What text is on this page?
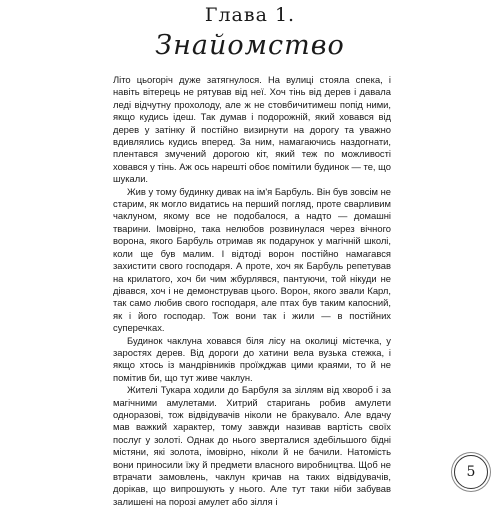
Глава 1.
Знайомство

Літо цьогоріч дуже затягнулося. На вулиці стояла спека, і навіть вітерець не рятував від неї. Хоч тінь від дерев і давала леді відчутну прохолоду, але ж не стовбичитимеш попід ними, якщо кудись ідеш. Так думав і подорожній, який ховався від дерев у затінку й постійно визирнути на дорогу та уважно вдивлялись кудись вперед. За ним, намагаючись наздогнати, плентався змучений дорогою кіт, який теж по можливості ховався у тінь. Аж ось нарешті обоє помітили будинок — те, що шукали.

Жив у тому будинку дивак на ім'я Барбуль. Він був зовсім не старим, як могло видатись на перший погляд, проте сварливим чаклуном, якому все не подобалося, а надто — домашні тварини. Імовірно, така нелюбов розвинулася через вічного ворона, якого Барбуль отримав як подарунок у магічній школі, коли ще був малим. І відтоді ворон постійно намагався захистити свого господаря. А проте, хоч як Барбуль репетував на крилатого, хоч би чим жбурлявся, пантуючи, той нікуди не дівався, хоч і не демонстрував цього. Ворон, якого звали Карл, так само любив свого господаря, але птах був таким капосний, як і його господар. Тож вони так і жили — в постійних суперечках.

Будинок чаклуна ховався біля лісу на околиці містечка, у заростях дерев. Від дороги до хатини вела вузька стежка, і якщо хтось із мандрівників проїжджав цими краями, то й не помітив би, що тут живе чаклун.

Жителі Тукара ходили до Барбуля за зіллям від хвороб і за магічними амулетами. Хитрий старигань робив амулети одноразові, тож відвідувачів ніколи не бракувало. Але вдачу мав важкий характер, тому завжди називав вартість своїх послуг у золоті. Однак до нього зверталися здебільшого бідні містяни, які золота, імовірно, ніколи й не бачили. Натомість вони приносили їжу й предмети власного виробництва. Щоб не втрачати замовлень, чаклун кричав на таких відвідувачів, дорікав, що випрошують у нього. Але тут таки ніби забував залишені на порозі амулет або зілля і

5
